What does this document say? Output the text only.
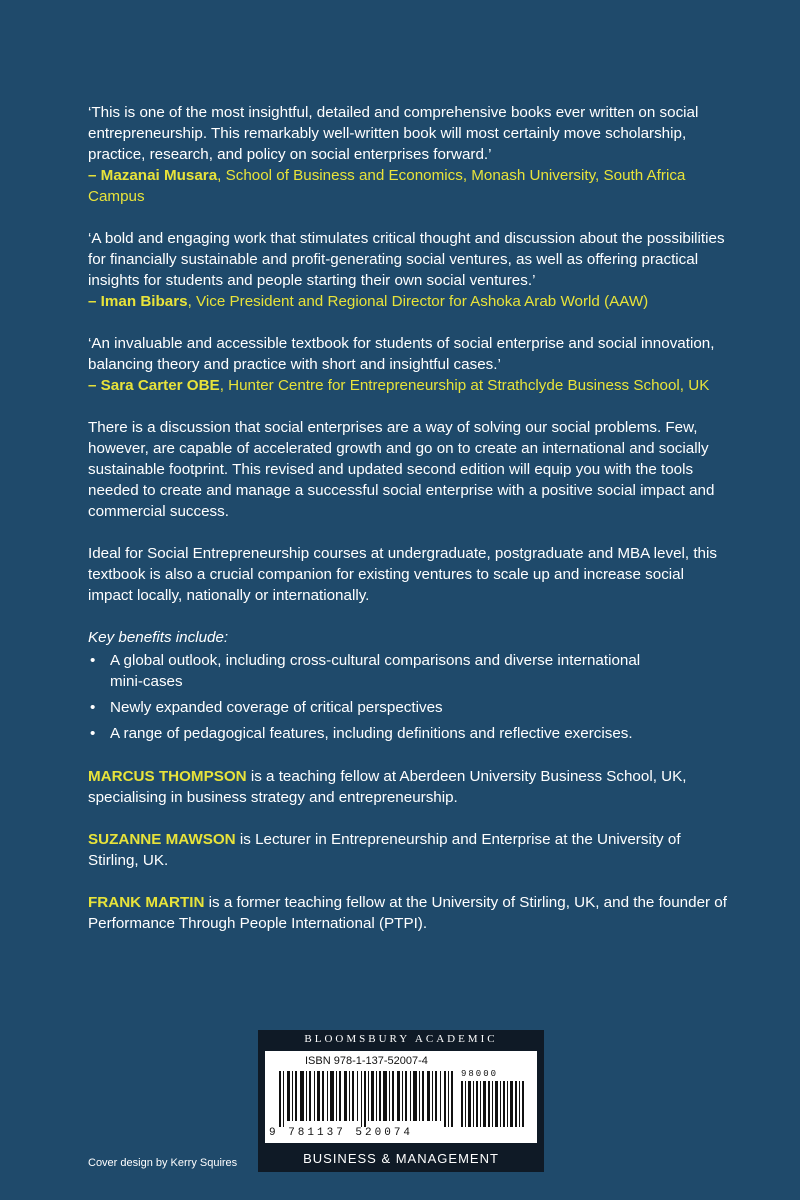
‘This is one of the most insightful, detailed and comprehensive books ever written on social entrepreneurship. This remarkably well-written book will most certainly move scholarship, practice, research, and policy on social enterprises forward.’
– Mazanai Musara, School of Business and Economics, Monash University, South Africa Campus
‘A bold and engaging work that stimulates critical thought and discussion about the possibilities for financially sustainable and profit-generating social ventures, as well as offering practical insights for students and people starting their own social ventures.’
– Iman Bibars, Vice President and Regional Director for Ashoka Arab World (AAW)
‘An invaluable and accessible textbook for students of social enterprise and social innovation, balancing theory and practice with short and insightful cases.’
– Sara Carter OBE, Hunter Centre for Entrepreneurship at Strathclyde Business School, UK

There is a discussion that social enterprises are a way of solving our social problems. Few, however, are capable of accelerated growth and go on to create an international and socially sustainable footprint. This revised and updated second edition will equip you with the tools needed to create and manage a successful social enterprise with a positive social impact and commercial success.

Ideal for Social Entrepreneurship courses at undergraduate, postgraduate and MBA level, this textbook is also a crucial companion for existing ventures to scale up and increase social impact locally, nationally or internationally.

Key benefits include:

• A global outlook, including cross-cultural comparisons and diverse international mini-cases
• Newly expanded coverage of critical perspectives
• A range of pedagogical features, including definitions and reflective exercises.

MARCUS THOMPSON is a teaching fellow at Aberdeen University Business School, UK, specialising in business strategy and entrepreneurship.

SUZANNE MAWSON is Lecturer in Entrepreneurship and Enterprise at the University of Stirling, UK.

FRANK MARTIN is a former teaching fellow at the University of Stirling, UK, and the founder of Performance Through People International (PTPI).

BLOOMSBURY ACADEMIC
ISBN 978-1-137-52007-4
98000
9 781137 520074
BUSINESS & MANAGEMENT
Cover design by Kerry Squires
